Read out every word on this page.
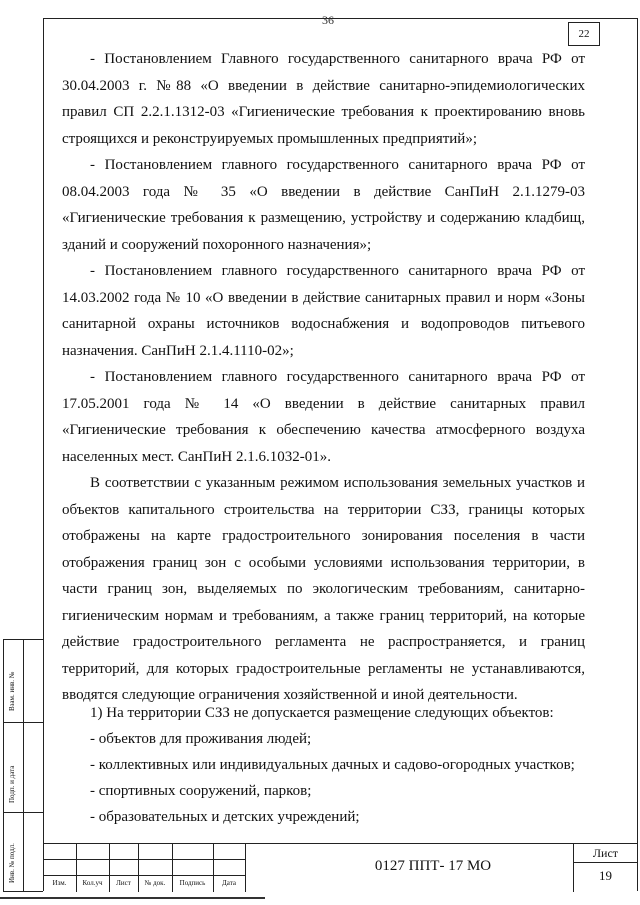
36
22

- Постановлением Главного государственного санитарного врача РФ от 30.04.2003 г. №88 «О введении в действие санитарно-эпидемиологических правил СП 2.2.1.1312-03 «Гигиенические требования к проектированию вновь строящихся и реконструируемых промышленных предприятий»;

- Постановлением главного государственного санитарного врача РФ от 08.04.2003 года № 35 «О введении в действие СанПиН 2.1.1279-03 «Гигиенические требования к размещению, устройству и содержанию кладбищ, зданий и сооружений похоронного назначения»;

- Постановлением главного государственного санитарного врача РФ от 14.03.2002 года № 10 «О введении в действие санитарных правил и норм «Зоны санитарной охраны источников водоснабжения и водопроводов питьевого назначения. СанПиН 2.1.4.1110-02»;

- Постановлением главного государственного санитарного врача РФ от 17.05.2001 года № 14 «О введении в действие санитарных правил «Гигиенические требования к обеспечению качества атмосферного воздуха населенных мест. СанПиН 2.1.6.1032-01».

В соответствии с указанным режимом использования земельных участков и объектов капитального строительства на территории СЗЗ, границы которых отображены на карте градостроительного зонирования поселения в части отображения границ зон с особыми условиями использования территории, в части границ зон, выделяемых по экологическим требованиям, санитарно-гигиеническим нормам и требованиям, а также границ территорий, на которые действие градостроительного регламента не распространяется, и границ территорий, для которых градостроительные регламенты не устанавливаются, вводятся следующие ограничения хозяйственной и иной деятельности.

1) На территории СЗЗ не допускается размещение следующих объектов:

- объектов для проживания людей;

- коллективных или индивидуальных дачных и садово-огородных участков;

- спортивных сооружений, парков;

- образовательных и детских учреждений;

Инв. № подл.
Подп. и дата
Взам. инв. №
Изм.	Кол.уч	Лист	№ док.	Подпись	Дата
0127 ППТ- 17 МО
Лист
19
